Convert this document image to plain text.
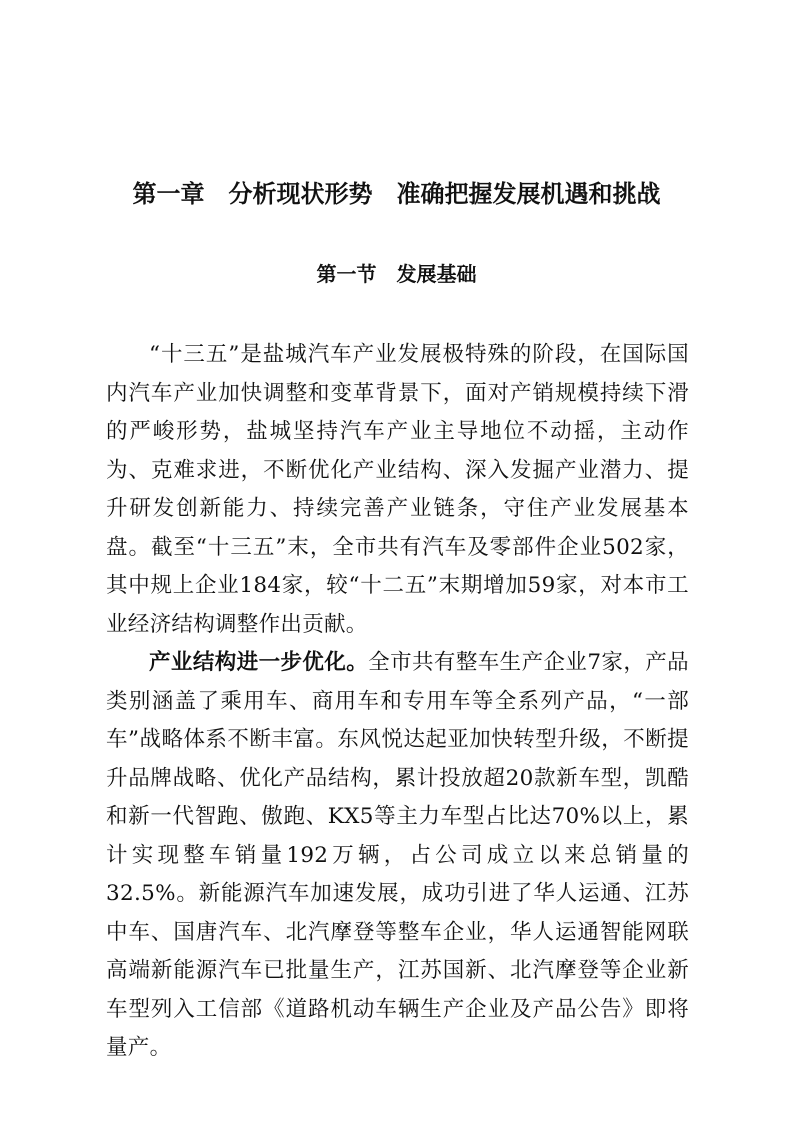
第一章　分析现状形势　准确把握发展机遇和挑战
第一节　发展基础

“十三五”是盐城汽车产业发展极特殊的阶段，在国际国内汽车产业加快调整和变革背景下，面对产销规模持续下滑的严峻形势，盐城坚持汽车产业主导地位不动摇，主动作为、克难求进，不断优化产业结构、深入发掘产业潜力、提升研发创新能力、持续完善产业链条，守住产业发展基本盘。截至“十三五”末，全市共有汽车及零部件企业502家，其中规上企业184家，较“十二五”末期增加59家，对本市工业经济结构调整作出贡献。

产业结构进一步优化。全市共有整车生产企业7家，产品类别涵盖了乘用车、商用车和专用车等全系列产品，“一部车”战略体系不断丰富。东风悦达起亚加快转型升级，不断提升品牌战略、优化产品结构，累计投放超20款新车型，凯酷和新一代智跑、傲跑、KX5等主力车型占比达70%以上，累计实现整车销量192万辆，占公司成立以来总销量的32.5%。新能源汽车加速发展，成功引进了华人运通、江苏中车、国唐汽车、北汽摩登等整车企业，华人运通智能网联高端新能源汽车已批量生产，江苏国新、北汽摩登等企业新车型列入工信部《道路机动车辆生产企业及产品公告》即将量产。
